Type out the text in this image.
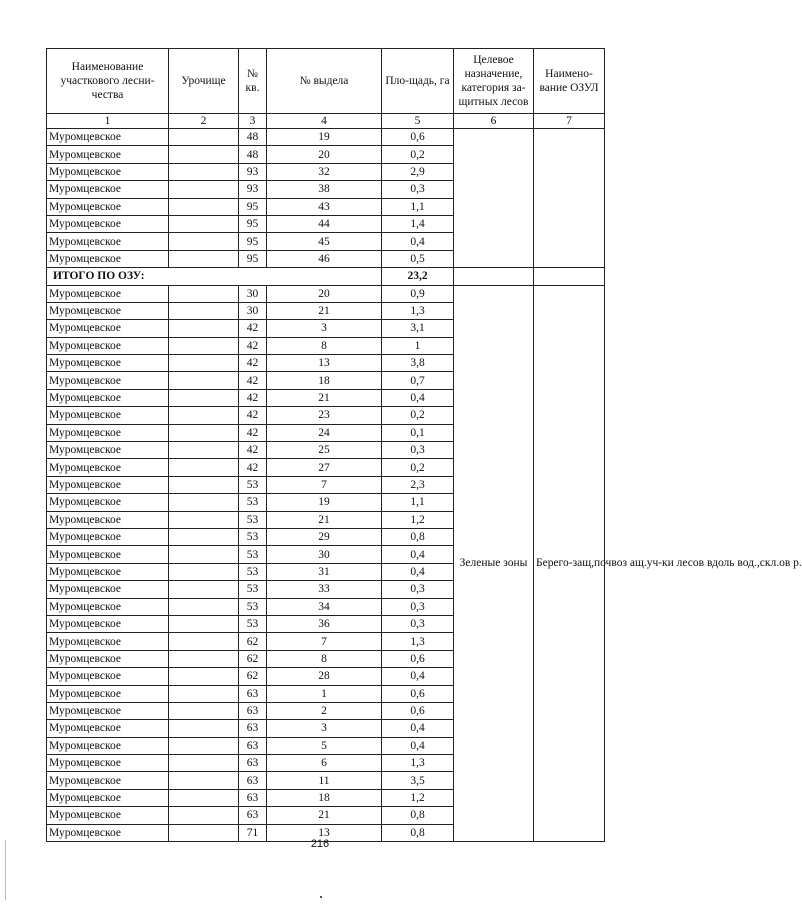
Наименование участкового лесни-чества	Урочище	№ кв.	№ выдела	Пло-щадь, га	Целевое назначение, категория за-щитных лесов	Наимено-вание ОЗУЛ
1	2	3	4	5	6	7
Муромцевское		48	19	0,6		
Муромцевское		48	20	0,2		
Муромцевское		93	32	2,9		
Муромцевское		93	38	0,3		
Муромцевское		95	43	1,1		
Муромцевское		95	44	1,4		
Муромцевское		95	45	0,4		
Муромцевское		95	46	0,5		
ИТОГО ПО ОЗУ:				23,2		
Муромцевское		30	20	0,9	Зеленые зоны	Берего-защ,почвоз ащ.уч-ки лесов вдоль вод.,скл.ов р.
Муромцевское		30	21	1,3		
Муромцевское		42	3	3,1		
Муромцевское		42	8	1		
Муромцевское		42	13	3,8		
Муромцевское		42	18	0,7		
Муромцевское		42	21	0,4		
Муромцевское		42	23	0,2		
Муромцевское		42	24	0,1		
Муромцевское		42	25	0,3		
Муромцевское		42	27	0,2		
Муромцевское		53	7	2,3		
Муромцевское		53	19	1,1		
Муромцевское		53	21	1,2		
Муромцевское		53	29	0,8		
Муромцевское		53	30	0,4		
Муромцевское		53	31	0,4		
Муромцевское		53	33	0,3		
Муромцевское		53	34	0,3		
Муромцевское		53	36	0,3		
Муромцевское		62	7	1,3		
Муромцевское		62	8	0,6		
Муромцевское		62	28	0,4		
Муромцевское		63	1	0,6		
Муромцевское		63	2	0,6		
Муромцевское		63	3	0,4		
Муромцевское		63	5	0,4		
Муромцевское		63	6	1,3		
Муромцевское		63	11	3,5		
Муромцевское		63	18	1,2		
Муромцевское		63	21	0,8		
Муромцевское		71	13	0,8		
216
